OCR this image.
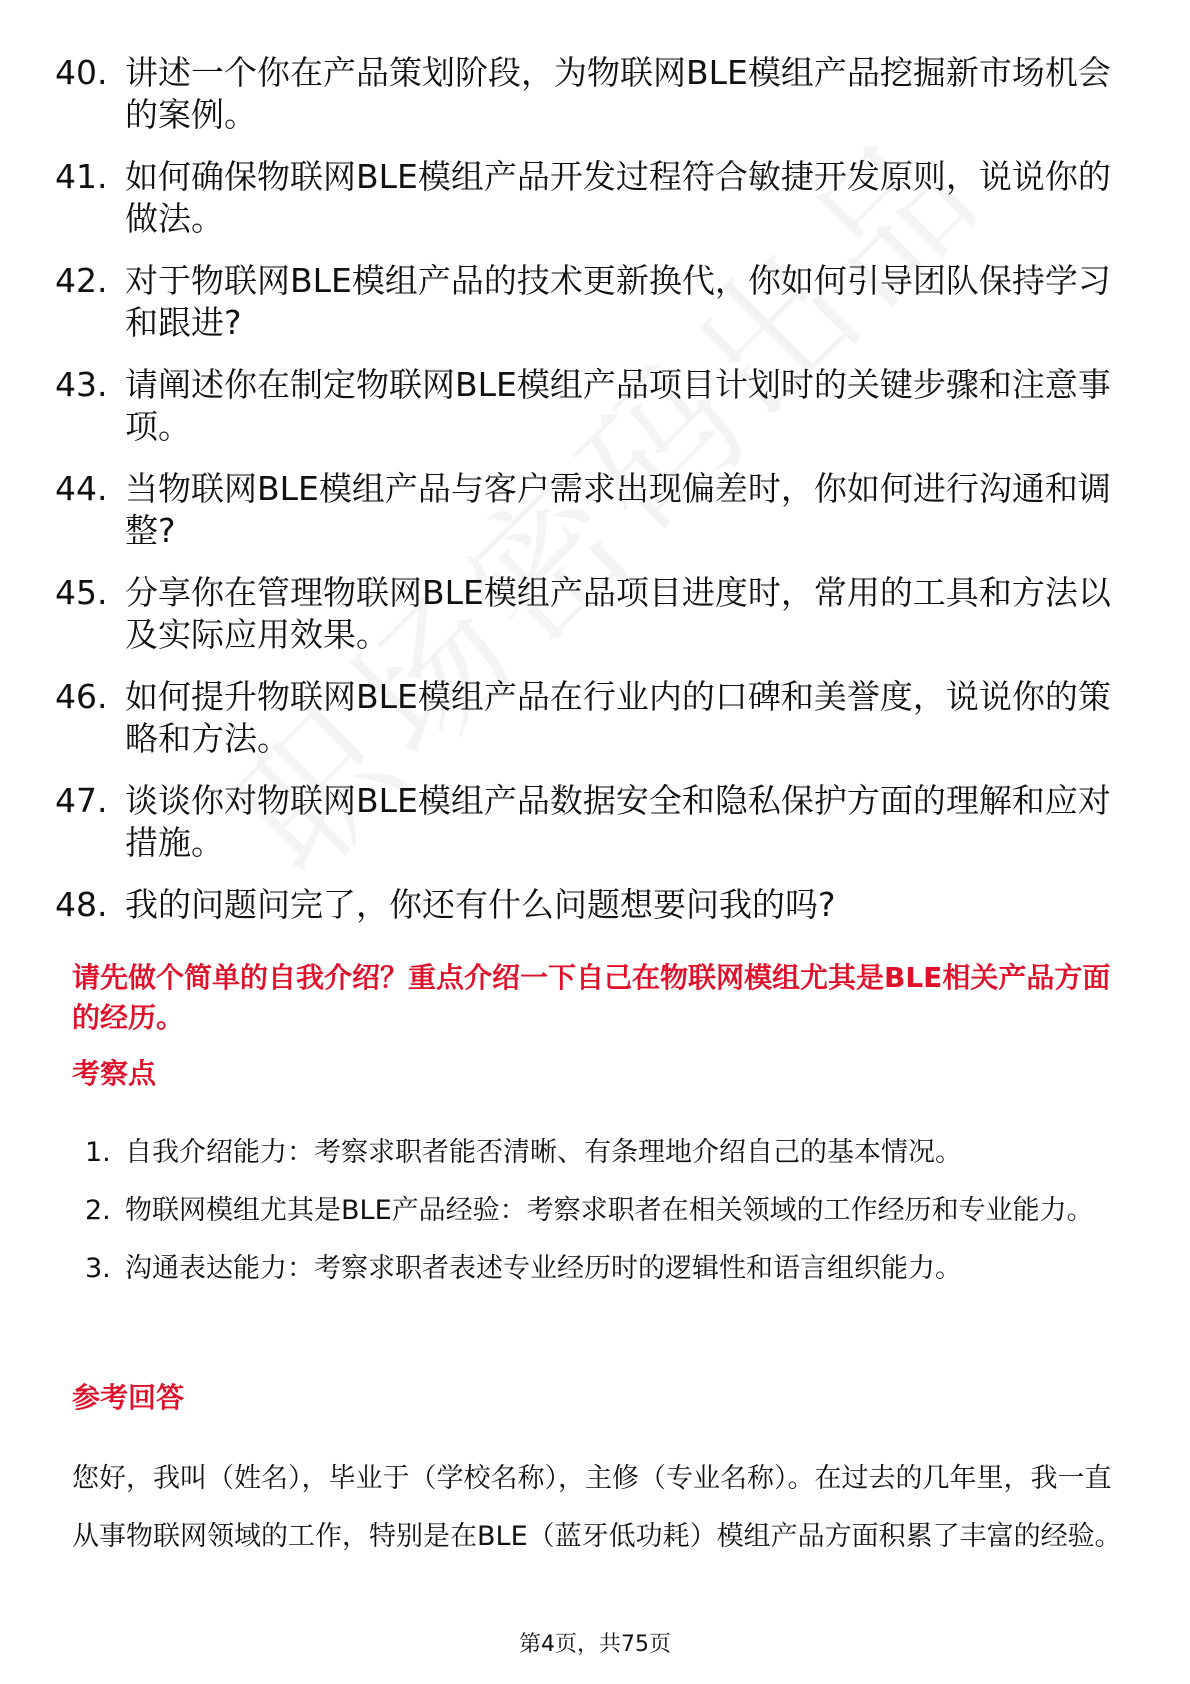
40. 讲述一个你在产品策划阶段，为物联网BLE模组产品挖掘新市场机会的案例。
41. 如何确保物联网BLE模组产品开发过程符合敏捷开发原则，说说你的做法。
42. 对于物联网BLE模组产品的技术更新换代，你如何引导团队保持学习和跟进?
43. 请阐述你在制定物联网BLE模组产品项目计划时的关键步骤和注意事项。
44. 当物联网BLE模组产品与客户需求出现偏差时，你如何进行沟通和调整?
45. 分享你在管理物联网BLE模组产品项目进度时，常用的工具和方法以及实际应用效果。
46. 如何提升物联网BLE模组产品在行业内的口碑和美誉度，说说你的策略和方法。
47. 谈谈你对物联网BLE模组产品数据安全和隐私保护方面的理解和应对措施。
48. 我的问题问完了，你还有什么问题想要问我的吗?
请先做个简单的自我介绍？重点介绍一下自己在物联网模组尤其是BLE相关产品方面的经历。
考察点
1. 自我介绍能力：考察求职者能否清晰、有条理地介绍自己的基本情况。
2. 物联网模组尤其是BLE产品经验：考察求职者在相关领域的工作经历和专业能力。
3. 沟通表达能力：考察求职者表述专业经历时的逻辑性和语言组织能力。
参考回答

您好，我叫（姓名），毕业于（学校名称），主修（专业名称）。在过去的几年里，我一直从事物联网领域的工作，特别是在BLE（蓝牙低功耗）模组产品方面积累了丰富的经验。

第4页，共75页
